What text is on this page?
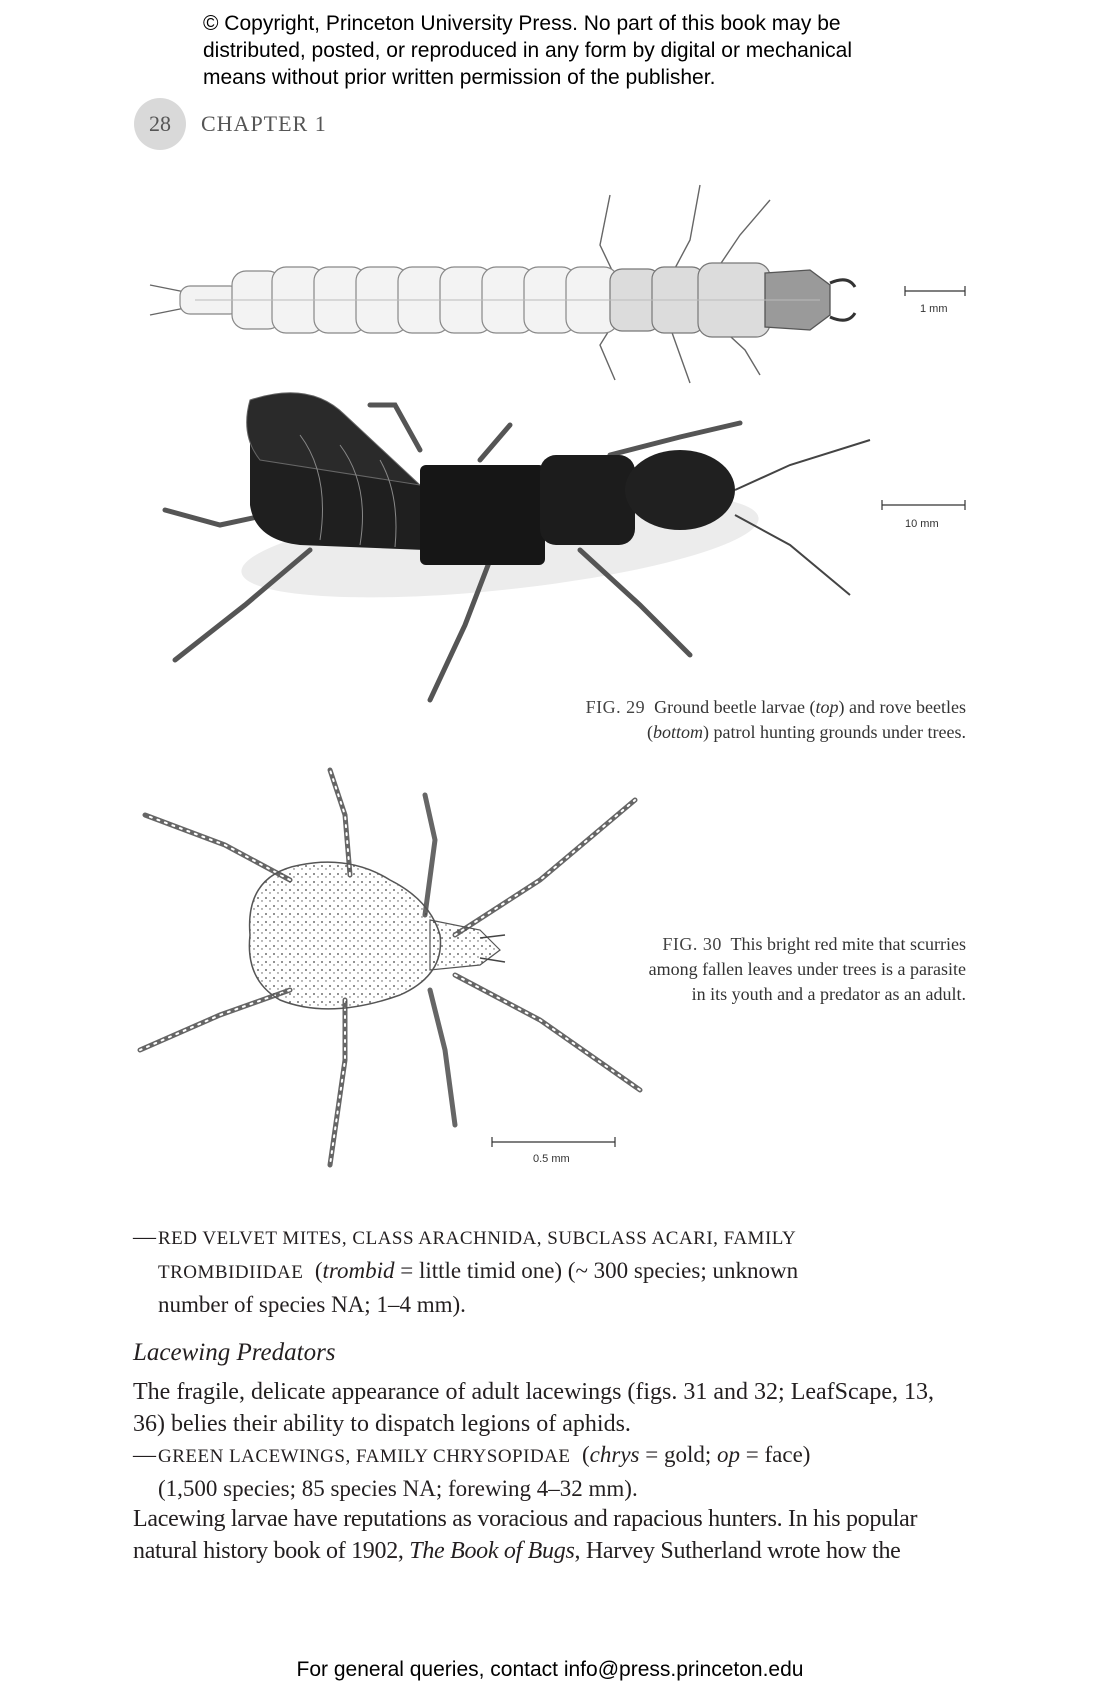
© Copyright, Princeton University Press. No part of this book may be
distributed, posted, or reproduced in any form by digital or mechanical
means without prior written permission of the publisher.
28 CHAPTER 1
1 mm
10 mm
FIG. 29 Ground beetle larvae (top) and rove beetles
(bottom) patrol hunting grounds under trees.
0.5 mm
FIG. 30 This bright red mite that scurries
among fallen leaves under trees is a parasite
in its youth and a predator as an adult.
— RED VELVET MITES, CLASS ARACHNIDA, SUBCLASS ACARI, FAMILY
TROMBIDIIDAE (trombid = little timid one) (~ 300 species; unknown
number of species NA; 1–4 mm).
Lacewing Predators
The fragile, delicate appearance of adult lacewings (figs. 31 and 32; LeafScape, 13,
36) belies their ability to dispatch legions of aphids.
— GREEN LACEWINGS, FAMILY CHRYSOPIDAE (chrys = gold; op = face)
(1,500 species; 85 species NA; forewing 4–32 mm).
Lacewing larvae have reputations as voracious and rapacious hunters. In his popular
natural history book of 1902, The Book of Bugs, Harvey Sutherland wrote how the
For general queries, contact info@press.princeton.edu
